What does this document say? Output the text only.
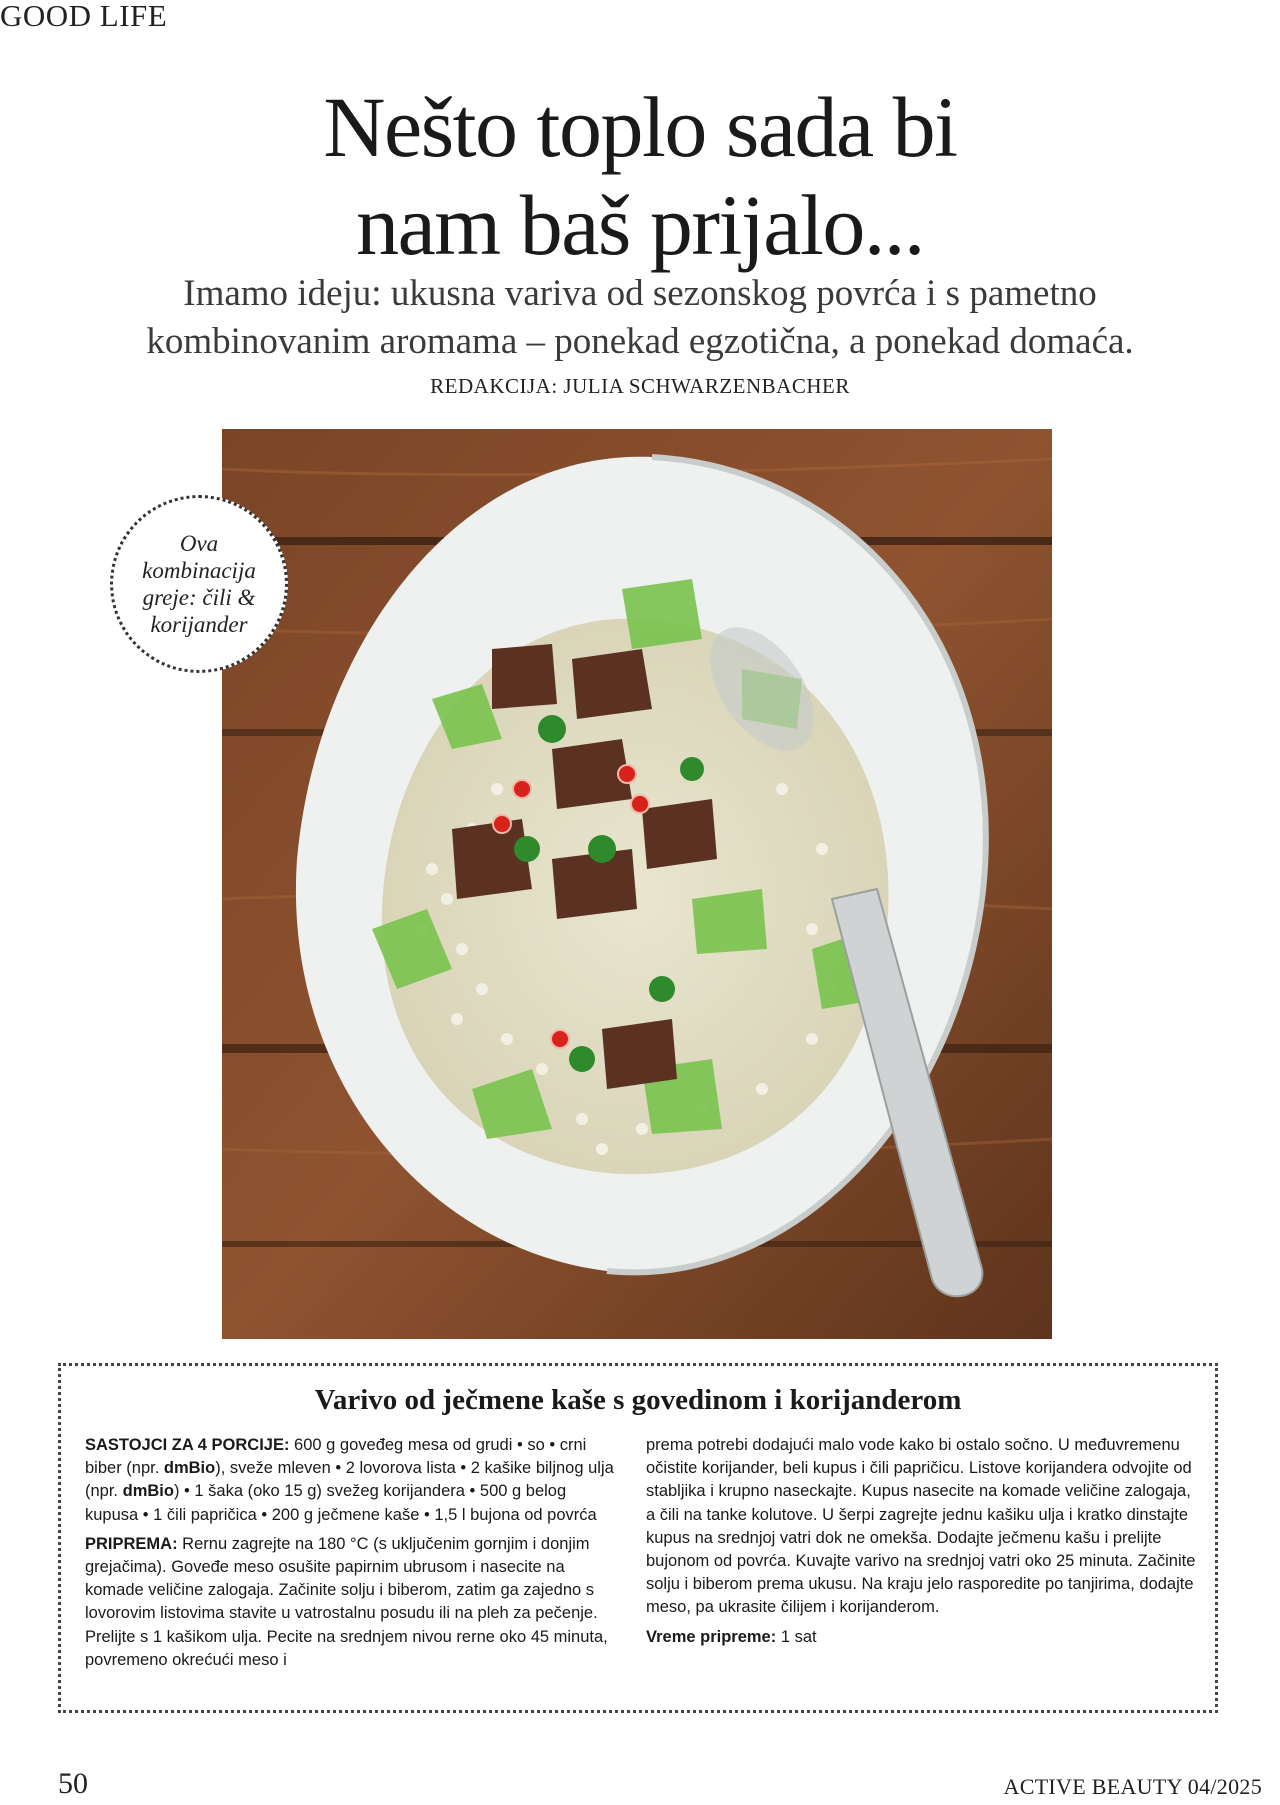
GOOD LIFE
Nešto toplo sada bi
nam baš prijalo...

Imamo ideju: ukusna variva od sezonskog povrća i s pametno
kombinovanim aromama – ponekad egzotična, a ponekad domaća.

REDAKCIJA: JULIA SCHWARZENBACHER
Ova
kombinacija
greje: čili &
korijander
Varivo od ječmene kaše s govedinom i korijanderom

SASTOJCI ZA 4 PORCIJE: 600 g goveđeg mesa od grudi • so • crni biber (npr. dmBio), sveže mleven • 2 lovorova lista • 2 kašike biljnog ulja (npr. dmBio) • 1 šaka (oko 15 g) svežeg korijandera • 500 g belog kupusa • 1 čili papričica • 200 g ječmene kaše • 1,5 l bujona od povrća

PRIPREMA: Rernu zagrejte na 180 °C (s uključenim gornjim i donjim grejačima). Goveđe meso osušite papirnim ubrusom i nasecite na komade veličine zalogaja. Začinite solju i biberom, zatim ga zajedno s lovorovim listovima stavite u vatrostalnu posudu ili na pleh za pečenje. Prelijte s 1 kašikom ulja. Pecite na srednjem nivou rerne oko 45 minuta, povremeno okrećući meso i

prema potrebi dodajući malo vode kako bi ostalo sočno. U međuvremenu očistite korijander, beli kupus i čili papričicu. Listove korijandera odvojite od stabljika i krupno naseckajte. Kupus nasecite na komade veličine zalogaja, a čili na tanke kolutove. U šerpi zagrejte jednu kašiku ulja i kratko dinstajte kupus na srednjoj vatri dok ne omekša. Dodajte ječmenu kašu i prelijte bujonom od povrća. Kuvajte varivo na srednjoj vatri oko 25 minuta. Začinite solju i biberom prema ukusu. Na kraju jelo rasporedite po tanjirima, dodajte meso, pa ukrasite čilijem i korijanderom.

Vreme pripreme: 1 sat

50	ACTIVE BEAUTY 04/2025
